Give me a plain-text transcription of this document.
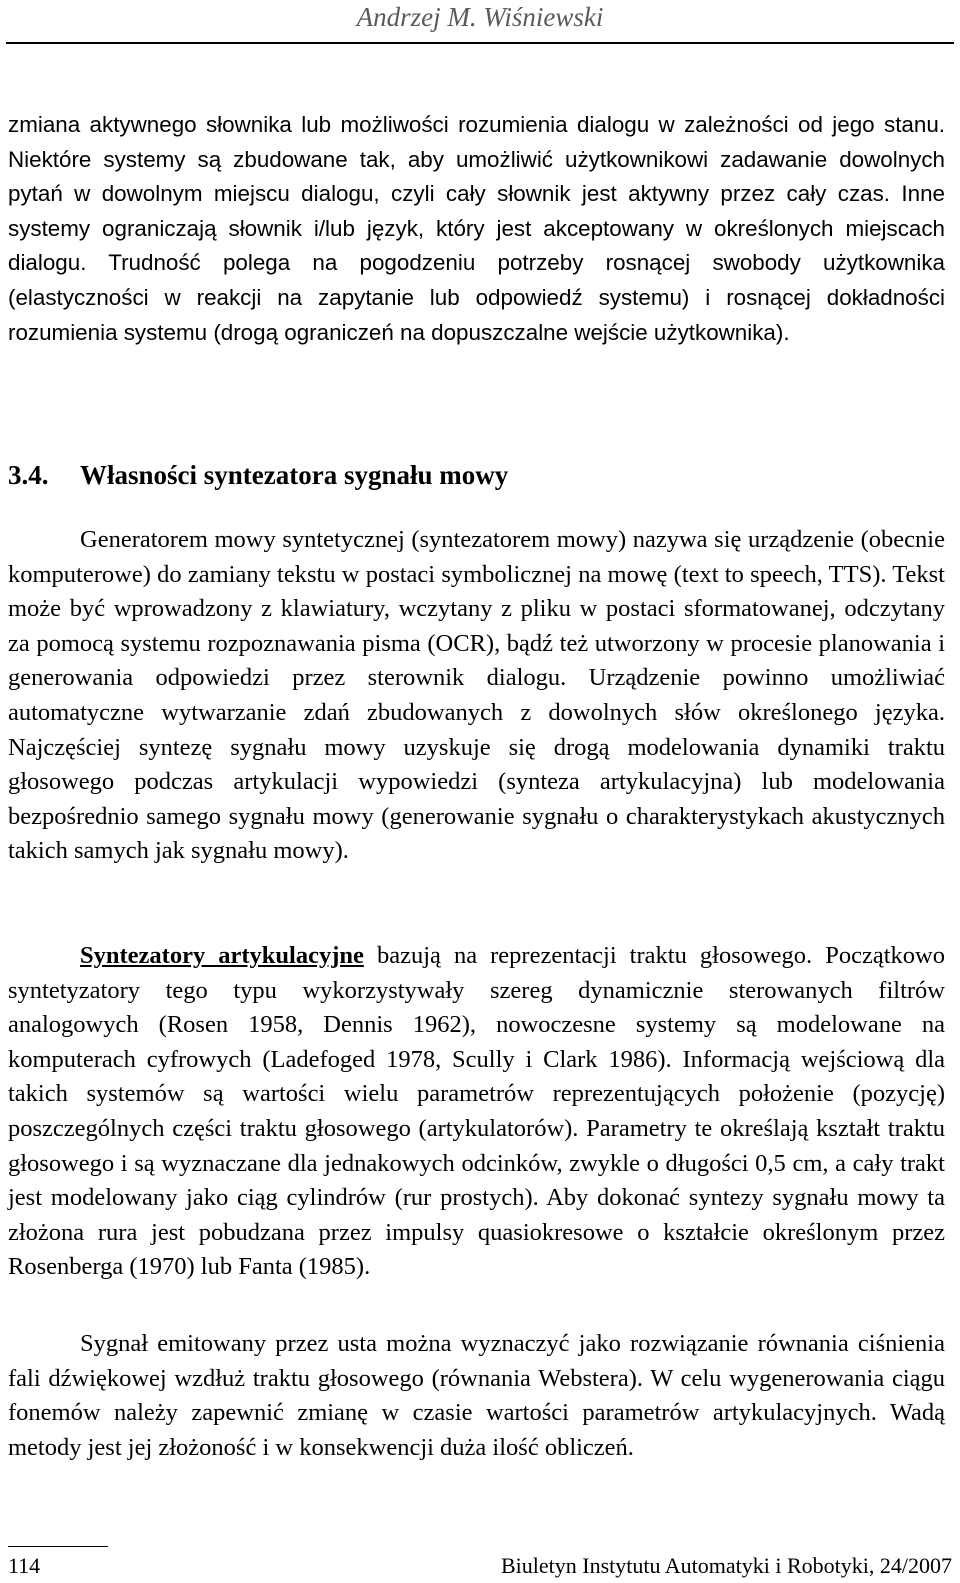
Andrzej M. Wiśniewski

zmiana aktywnego słownika lub możliwości rozumienia dialogu w zależności od jego stanu. Niektóre systemy są zbudowane tak, aby umożliwić użytkownikowi zadawanie dowolnych pytań w dowolnym miejscu dialogu, czyli cały słownik jest aktywny przez cały czas. Inne systemy ograniczają słownik i/lub język, który jest akceptowany w określonych miejscach dialogu. Trudność polega na pogodzeniu potrzeby rosnącej swobody użytkownika (elastyczności w reakcji na zapytanie lub odpowiedź systemu) i rosnącej dokładności rozumienia systemu (drogą ograniczeń na dopuszczalne wejście użytkownika).

3.4. Własności syntezatora sygnału mowy

Generatorem mowy syntetycznej (syntezatorem mowy) nazywa się urządzenie (obecnie komputerowe) do zamiany tekstu w postaci symbolicznej na mowę (text to speech, TTS). Tekst może być wprowadzony z klawiatury, wczytany z pliku w postaci sformatowanej, odczytany za pomocą systemu rozpoznawania pisma (OCR), bądź też utworzony w procesie planowania i generowania odpowiedzi przez sterownik dialogu. Urządzenie powinno umożliwiać automatyczne wytwarzanie zdań zbudowanych z dowolnych słów określonego języka. Najczęściej syntezę sygnału mowy uzyskuje się drogą modelowania dynamiki traktu głosowego podczas artykulacji wypowiedzi (synteza artykulacyjna) lub modelowania bezpośrednio samego sygnału mowy (generowanie sygnału o charakterystykach akustycznych takich samych jak sygnału mowy).

Syntezatory artykulacyjne bazują na reprezentacji traktu głosowego. Początkowo syntetyzatory tego typu wykorzystywały szereg dynamicznie sterowanych filtrów analogowych (Rosen 1958, Dennis 1962), nowoczesne systemy są modelowane na komputerach cyfrowych (Ladefoged 1978, Scully i Clark 1986). Informacją wejściową dla takich systemów są wartości wielu parametrów reprezentujących położenie (pozycję) poszczególnych części traktu głosowego (artykulatorów). Parametry te określają kształt traktu głosowego i są wyznaczane dla jednakowych odcinków, zwykle o długości 0,5 cm, a cały trakt jest modelowany jako ciąg cylindrów (rur prostych). Aby dokonać syntezy sygnału mowy ta złożona rura jest pobudzana przez impulsy quasiokresowe o kształcie określonym przez Rosenberga (1970) lub Fanta (1985).

Sygnał emitowany przez usta można wyznaczyć jako rozwiązanie równania ciśnienia fali dźwiękowej wzdłuż traktu głosowego (równania Webstera). W celu wygenerowania ciągu fonemów należy zapewnić zmianę w czasie wartości parametrów artykulacyjnych. Wadą metody jest jej złożoność i w konsekwencji duża ilość obliczeń.

114	Biuletyn Instytutu Automatyki i Robotyki, 24/2007
